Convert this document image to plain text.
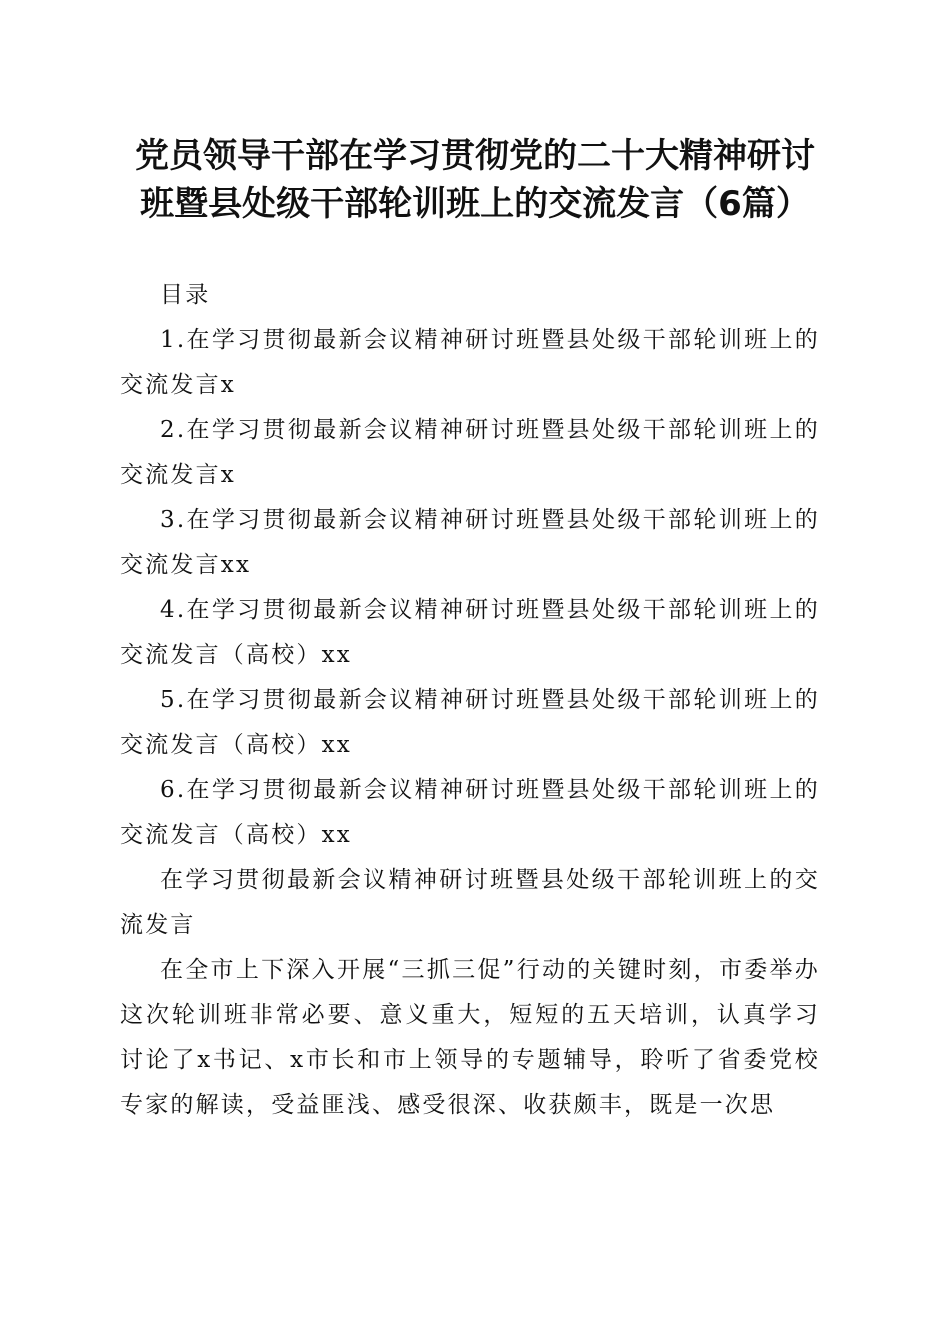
党员领导干部在学习贯彻党的二十大精神研讨
班暨县处级干部轮训班上的交流发言（6篇）

目录

1.在学习贯彻最新会议精神研讨班暨县处级干部轮训班上的交流发言x

2.在学习贯彻最新会议精神研讨班暨县处级干部轮训班上的交流发言x

3.在学习贯彻最新会议精神研讨班暨县处级干部轮训班上的交流发言xx

4.在学习贯彻最新会议精神研讨班暨县处级干部轮训班上的交流发言（高校）xx

5.在学习贯彻最新会议精神研讨班暨县处级干部轮训班上的交流发言（高校）xx

6.在学习贯彻最新会议精神研讨班暨县处级干部轮训班上的交流发言（高校）xx

在学习贯彻最新会议精神研讨班暨县处级干部轮训班上的交流发言

在全市上下深入开展“三抓三促”行动的关键时刻，市委举办这次轮训班非常必要、意义重大，短短的五天培训，认真学习讨论了x书记、x市长和市上领导的专题辅导，聆听了省委党校专家的解读，受益匪浅、感受很深、收获颇丰，既是一次思
